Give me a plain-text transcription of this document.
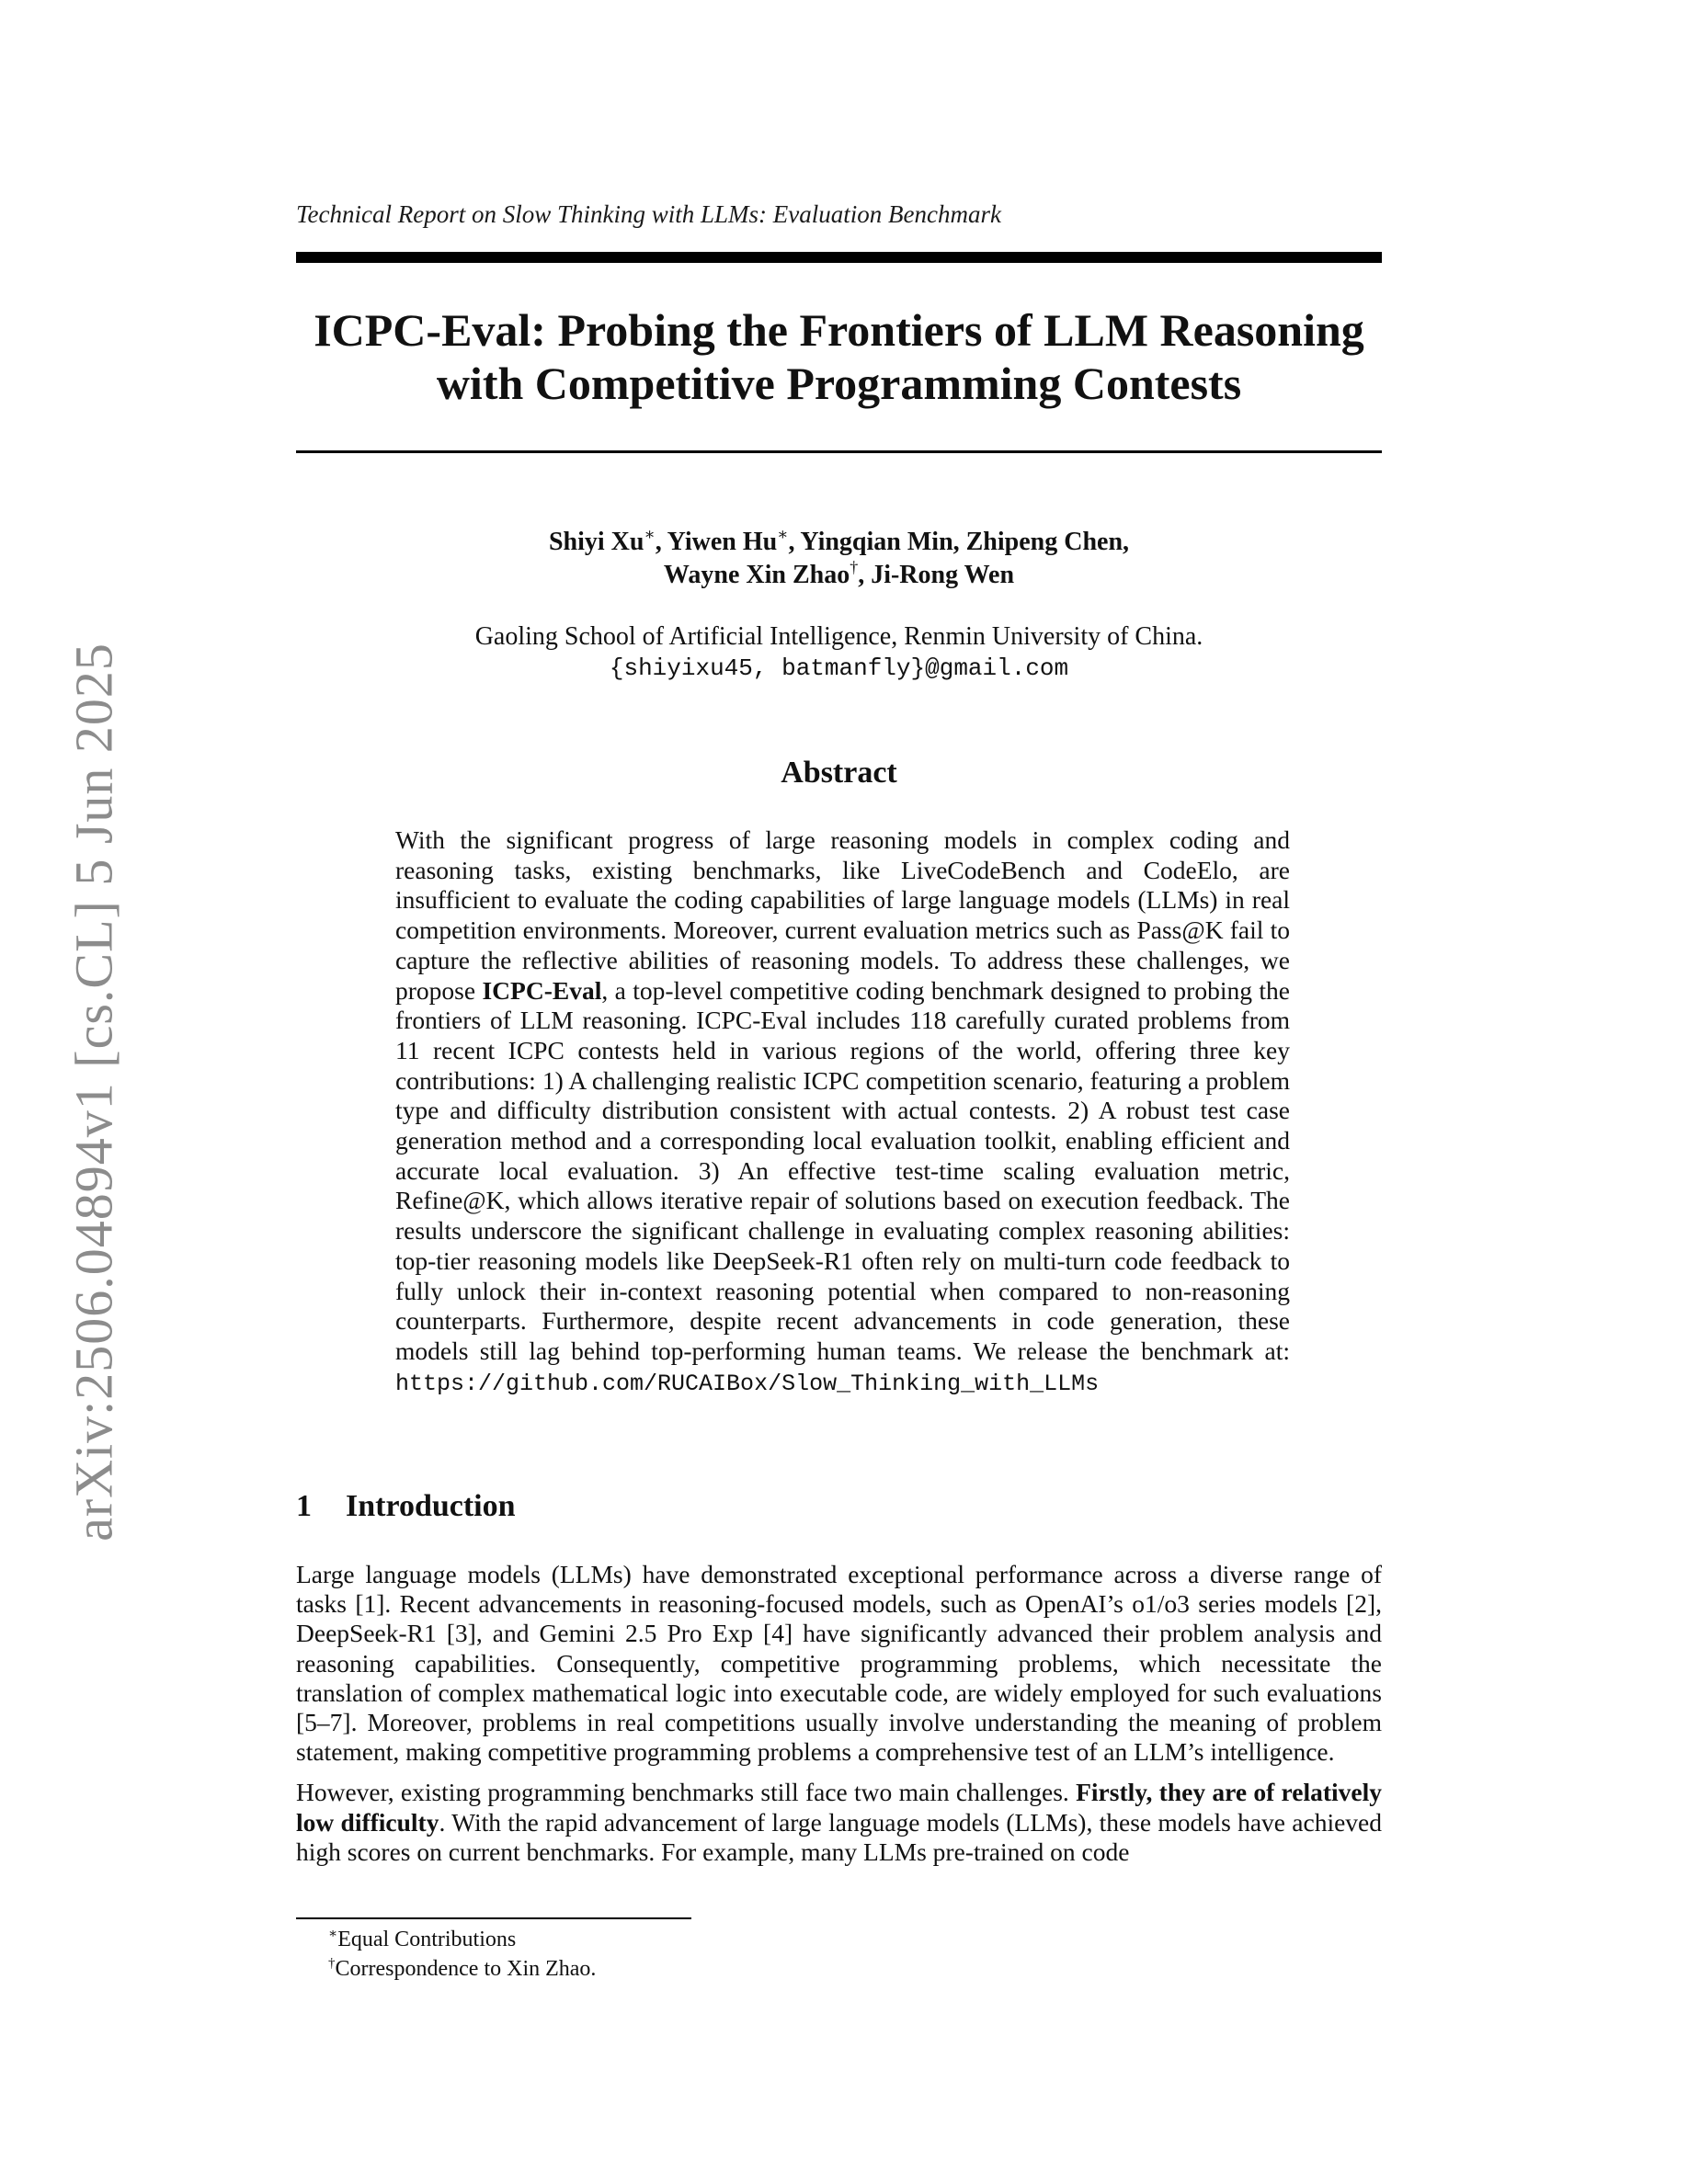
arXiv:2506.04894v1 [cs.CL] 5 Jun 2025
Technical Report on Slow Thinking with LLMs: Evaluation Benchmark
ICPC-Eval: Probing the Frontiers of LLM Reasoning
with Competitive Programming Contests
Shiyi Xu∗, Yiwen Hu∗, Yingqian Min, Zhipeng Chen,
Wayne Xin Zhao†, Ji-Rong Wen
Gaoling School of Artificial Intelligence, Renmin University of China.
{shiyixu45, batmanfly}@gmail.com
Abstract
With the significant progress of large reasoning models in complex coding and reasoning tasks, existing benchmarks, like LiveCodeBench and CodeElo, are insufficient to evaluate the coding capabilities of large language models (LLMs) in real competition environments. Moreover, current evaluation metrics such as Pass@K fail to capture the reflective abilities of reasoning models. To address these challenges, we propose ICPC-Eval, a top-level competitive coding benchmark designed to probing the frontiers of LLM reasoning. ICPC-Eval includes 118 carefully curated problems from 11 recent ICPC contests held in various regions of the world, offering three key contributions: 1) A challenging realistic ICPC competition scenario, featuring a problem type and difficulty distribution consistent with actual contests. 2) A robust test case generation method and a corresponding local evaluation toolkit, enabling efficient and accurate local evaluation. 3) An effective test-time scaling evaluation metric, Refine@K, which allows iterative repair of solutions based on execution feedback. The results underscore the significant challenge in evaluating complex reasoning abilities: top-tier reasoning models like DeepSeek-R1 often rely on multi-turn code feedback to fully unlock their in-context reasoning potential when compared to non-reasoning counterparts. Furthermore, despite recent advancements in code generation, these models still lag behind top-performing human teams. We release the benchmark at: https://github.com/RUCAIBox/Slow_Thinking_with_LLMs
1 Introduction

Large language models (LLMs) have demonstrated exceptional performance across a diverse range of tasks [1]. Recent advancements in reasoning-focused models, such as OpenAI’s o1/o3 series models [2], DeepSeek-R1 [3], and Gemini 2.5 Pro Exp [4] have significantly advanced their problem analysis and reasoning capabilities. Consequently, competitive programming problems, which necessitate the translation of complex mathematical logic into executable code, are widely employed for such evaluations [5–7]. Moreover, problems in real competitions usually involve understanding the meaning of problem statement, making competitive programming problems a comprehensive test of an LLM’s intelligence.

However, existing programming benchmarks still face two main challenges. Firstly, they are of relatively low difficulty. With the rapid advancement of large language models (LLMs), these models have achieved high scores on current benchmarks. For example, many LLMs pre-trained on code

∗Equal Contributions
†Correspondence to Xin Zhao.
